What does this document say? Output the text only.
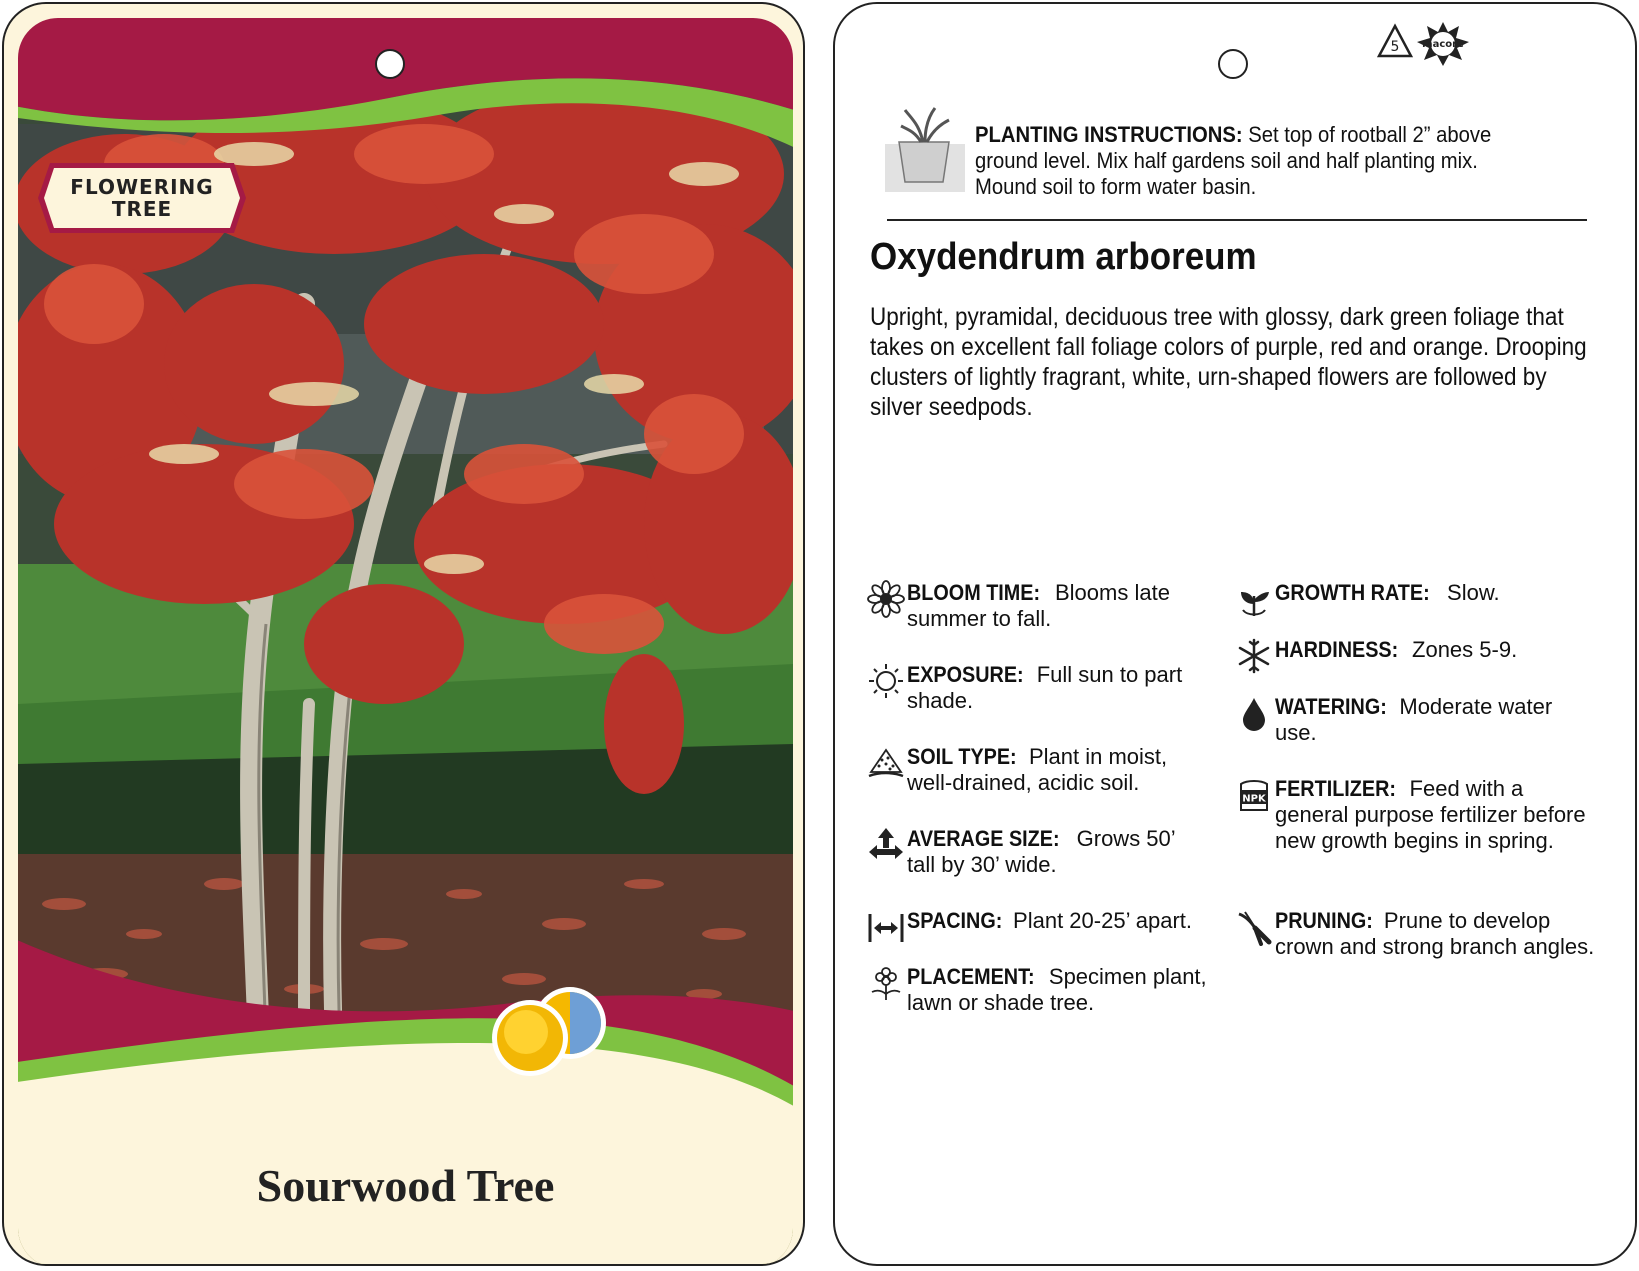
FLOWERING
TREE
Sourwood Tree
5 macore
PLANTING INSTRUCTIONS: Set top of rootball 2” above ground level. Mix half gardens soil and half planting mix. Mound soil to form water basin.
Oxydendrum arboreum
Upright, pyramidal, deciduous tree with glossy, dark green foliage that takes on excellent fall foliage colors of purple, red and orange. Drooping clusters of lightly fragrant, white, urn-shaped flowers are followed by silver seedpods.
BLOOM TIME: Blooms late summer to fall.
EXPOSURE: Full sun to part shade.
SOIL TYPE: Plant in moist, well-drained, acidic soil.
AVERAGE SIZE: Grows 50’ tall by 30’ wide.
SPACING: Plant 20-25’ apart.
PLACEMENT: Specimen plant, lawn or shade tree.
GROWTH RATE: Slow.
HARDINESS: Zones 5-9.
WATERING: Moderate water use.
NPK FERTILIZER: Feed with a general purpose fertilizer before new growth begins in spring.
PRUNING: Prune to develop crown and strong branch angles.
